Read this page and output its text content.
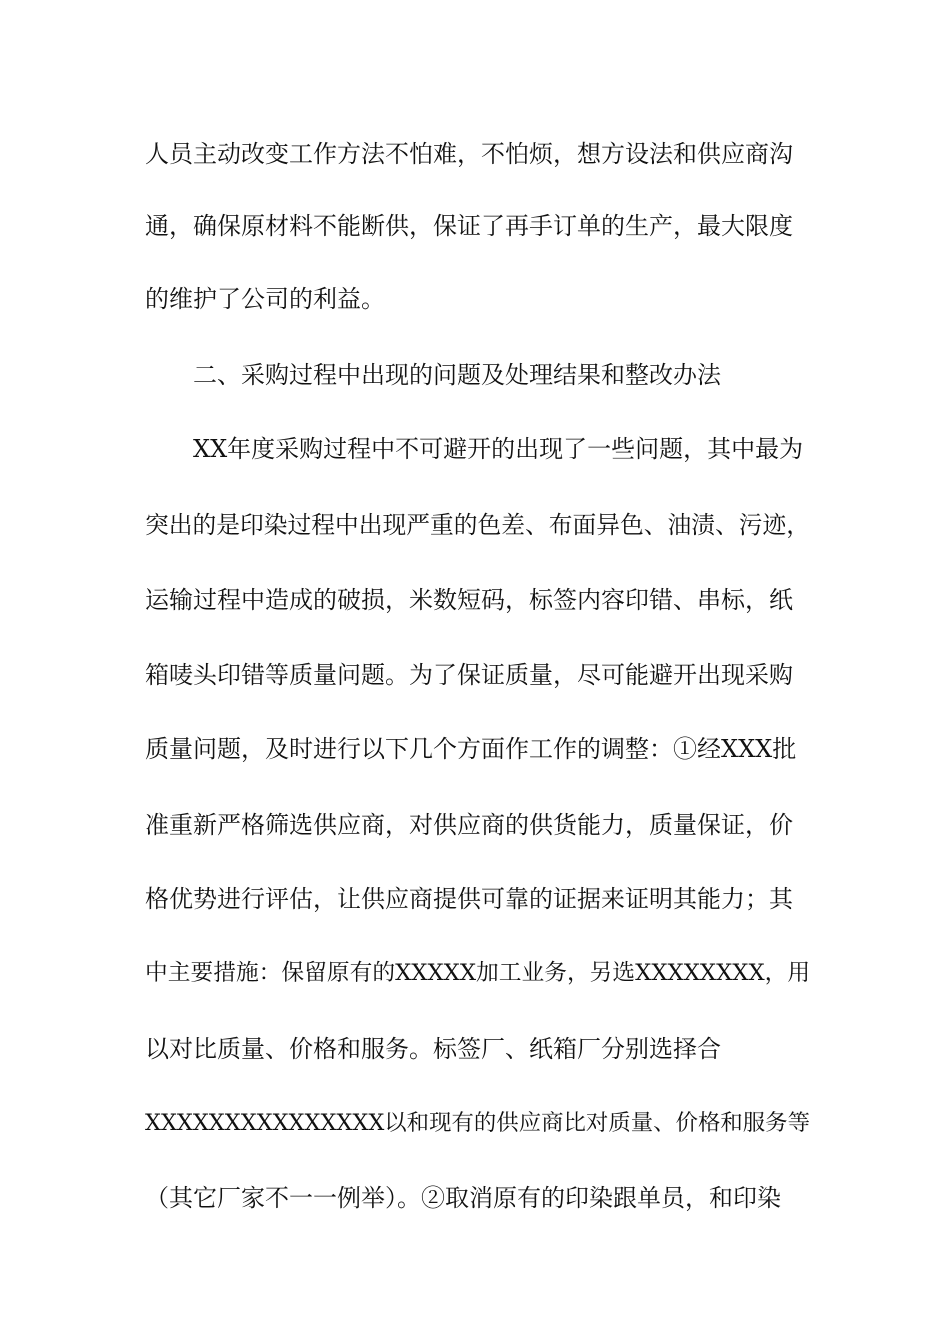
人员主动改变工作方法不怕难，不怕烦，想方设法和供应商沟
通，确保原材料不能断供，保证了再手订单的生产，最大限度
的维护了公司的利益。
二、采购过程中出现的问题及处理结果和整改办法
XX年度采购过程中不可避开的出现了一些问题，其中最为
突出的是印染过程中出现严重的色差、布面异色、油渍、污迹，
运输过程中造成的破损，米数短码，标签内容印错、串标，纸
箱唛头印错等质量问题。为了保证质量，尽可能避开出现采购
质量问题，及时进行以下几个方面作工作的调整：①经XXX批
准重新严格筛选供应商，对供应商的供货能力，质量保证，价
格优势进行评估，让供应商提供可靠的证据来证明其能力；其
中主要措施：保留原有的XXXXX加工业务，另选XXXXXXXX，用
以对比质量、价格和服务。标签厂、纸箱厂分别选择合
XXXXXXXXXXXXXXX以和现有的供应商比对质量、价格和服务等
（其它厂家不一一例举）。②取消原有的印染跟单员，和印染
